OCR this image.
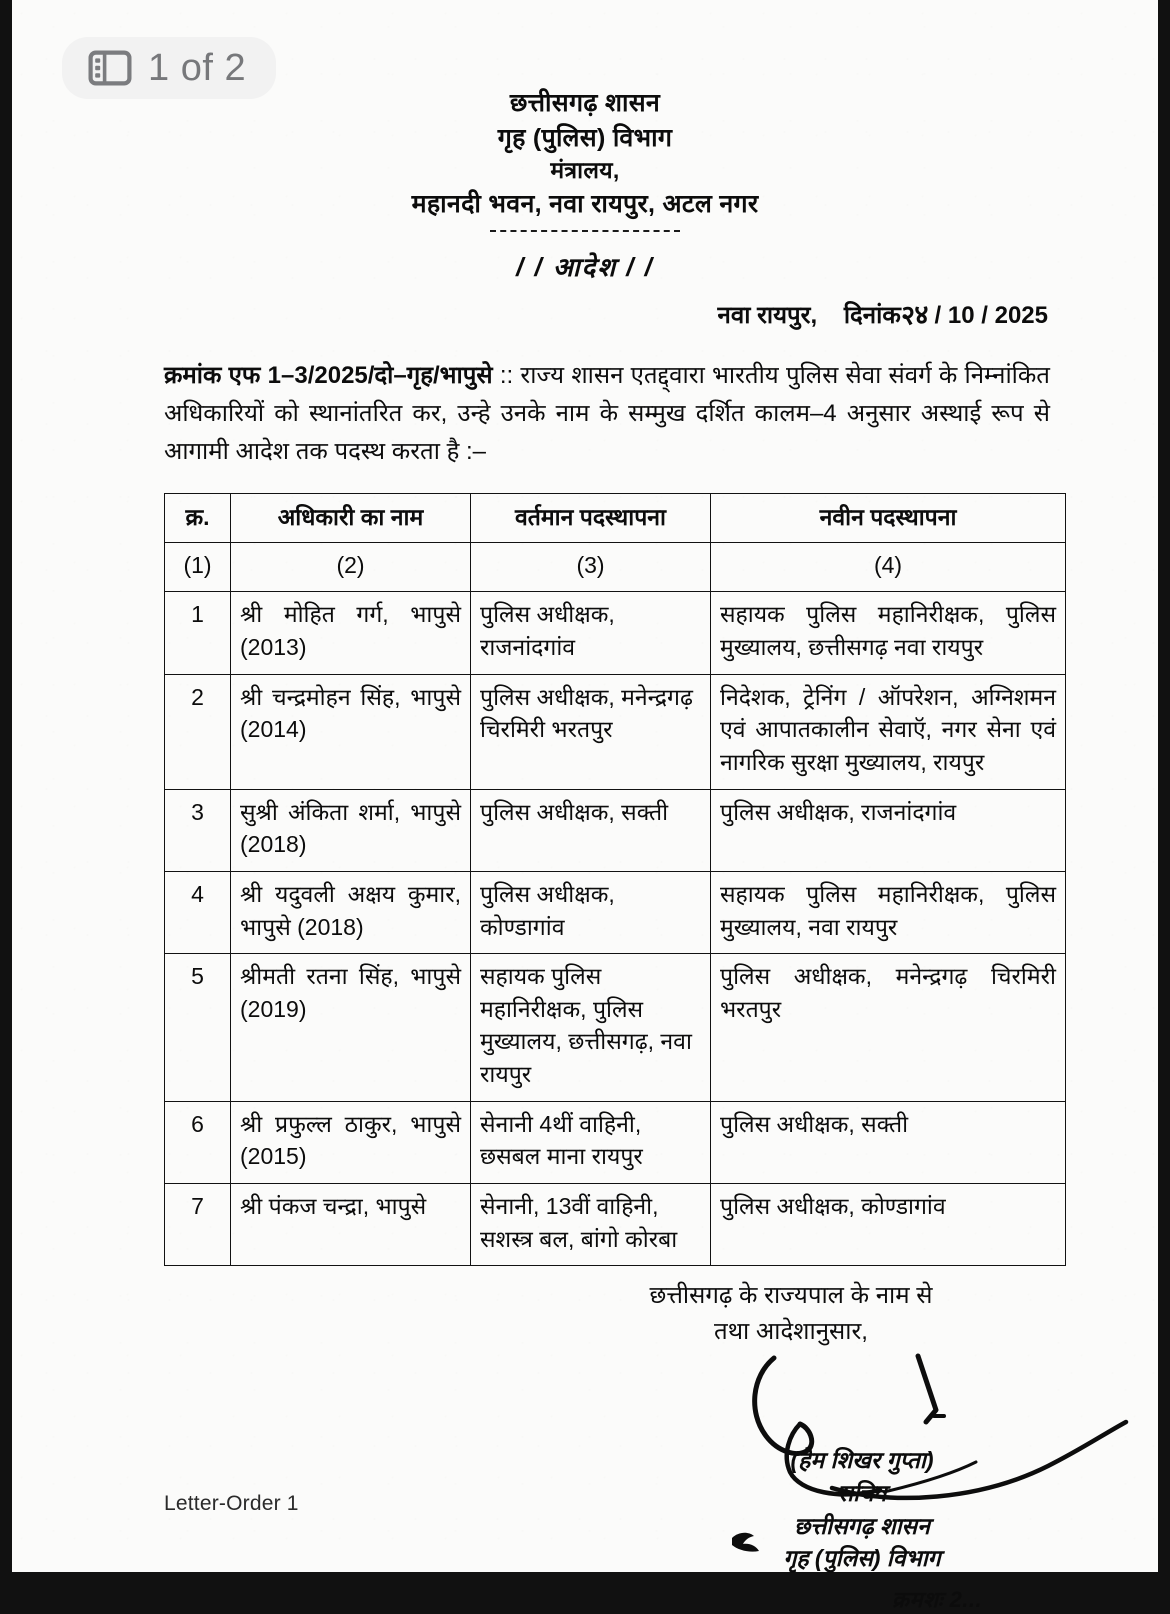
छत्तीसगढ़ शासन
गृह (पुलिस) विभाग
मंत्रालय,
महानदी भवन, नवा रायपुर, अटल नगर
/ / आदेश / /
नवा रायपुर, दिनांक२४ / 10 / 2025
क्रमांक एफ 1–3/2025/दो–गृह/भापुसे :: राज्य शासन एतद्द्वारा भारतीय पुलिस सेवा संवर्ग के निम्नांकित अधिकारियों को स्थानांतरित कर, उन्हे उनके नाम के सम्मुख दर्शित कालम–4 अनुसार अस्थाई रूप से आगामी आदेश तक पदस्थ करता है :–
क्र.	अधिकारी का नाम	वर्तमान पदस्थापना	नवीन पदस्थापना
(1)	(2)	(3)	(4)
1	श्री मोहित गर्ग, भापुसे (2013)	पुलिस अधीक्षक, राजनांदगांव	सहायक पुलिस महानिरीक्षक, पुलिस मुख्यालय, छत्तीसगढ़ नवा रायपुर
2	श्री चन्द्रमोहन सिंह, भापुसे (2014)	पुलिस अधीक्षक, मनेन्द्रगढ़ चिरमिरी भरतपुर	निदेशक, ट्रेनिंग / ऑपरेशन, अग्निशमन एवं आपातकालीन सेवाऍ, नगर सेना एवं नागरिक सुरक्षा मुख्यालय, रायपुर
3	सुश्री अंकिता शर्मा, भापुसे (2018)	पुलिस अधीक्षक, सक्ती	पुलिस अधीक्षक, राजनांदगांव
4	श्री यदुवली अक्षय कुमार, भापुसे (2018)	पुलिस अधीक्षक, कोण्डागांव	सहायक पुलिस महानिरीक्षक, पुलिस मुख्यालय, नवा रायपुर
5	श्रीमती रतना सिंह, भापुसे (2019)	सहायक पुलिस महानिरीक्षक, पुलिस मुख्यालय, छत्तीसगढ़, नवा रायपुर	पुलिस अधीक्षक, मनेन्द्रगढ़ चिरमिरी भरतपुर
6	श्री प्रफुल्ल ठाकुर, भापुसे (2015)	सेनानी 4थीं वाहिनी, छसबल माना रायपुर	पुलिस अधीक्षक, सक्ती
7	श्री पंकज चन्द्रा, भापुसे	सेनानी, 13वीं वाहिनी, सशस्त्र बल, बांगो कोरबा	पुलिस अधीक्षक, कोण्डागांव
छत्तीसगढ़ के राज्यपाल के नाम से
तथा आदेशानुसार,
(हेम शिखर गुप्ता)
सचिव
छत्तीसगढ़ शासन
गृह (पुलिस) विभाग
क्रमशः 2...
Letter-Order 1
1 of 2
